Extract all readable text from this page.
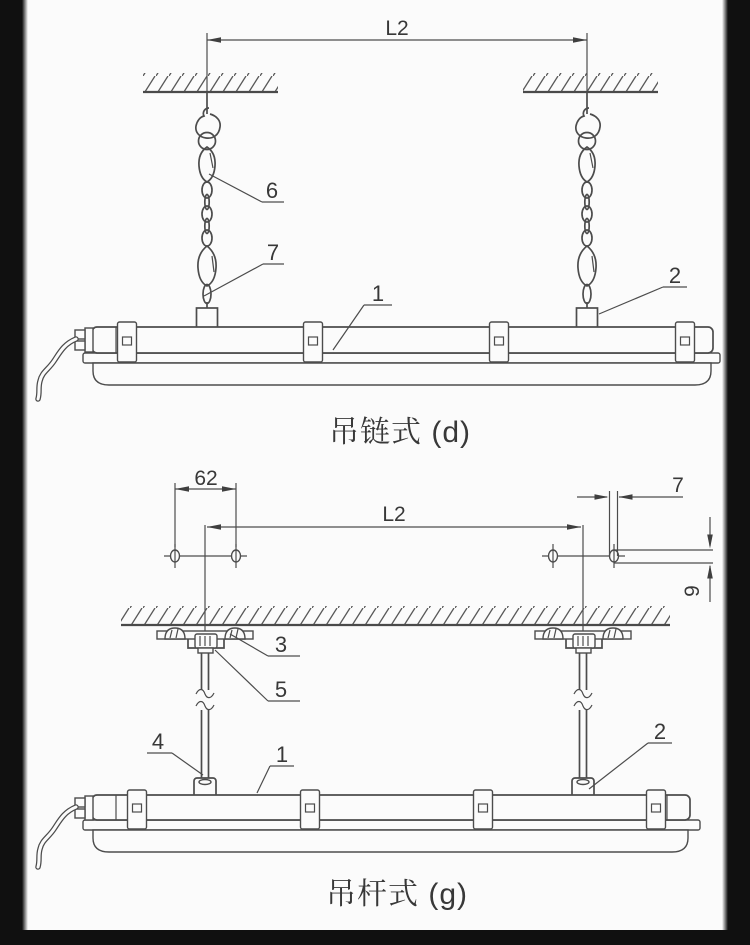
L2
6
7
1
2
吊链式 (d)
62	7
9
L2
3
5
4
1
2
吊杆式 (g)
